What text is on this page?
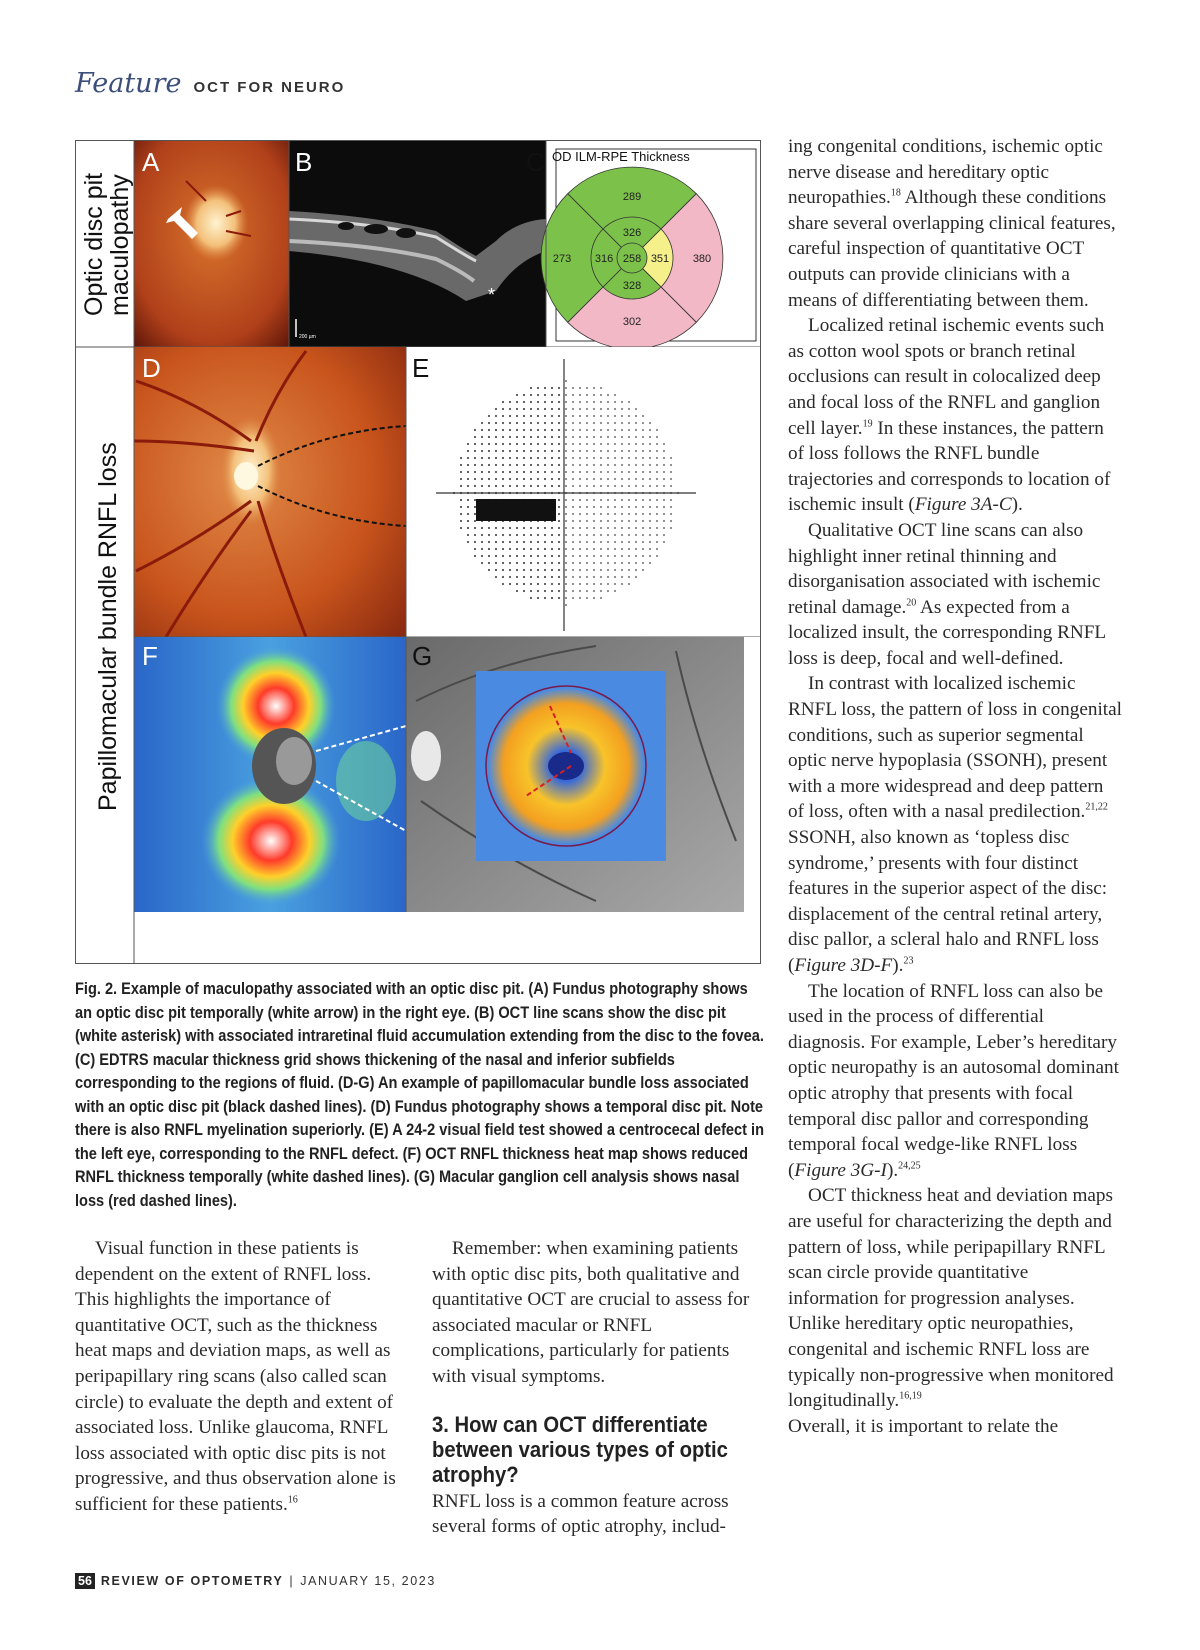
Feature OCT FOR NEURO
Optic disc pit
maculopathy
Papillomacular bundle RNFL loss
A
*
200 µm
B	C OD ILM-RPE Thickness
289
273	380
302
326
316 258 351
328
D	E
F	G

Fig. 2. Example of maculopathy associated with an optic disc pit. (A) Fundus photography shows an optic disc pit temporally (white arrow) in the right eye. (B) OCT line scans show the disc pit (white asterisk) with associated intraretinal fluid accumulation extending from the disc to the fovea. (C) EDTRS macular thickness grid shows thickening of the nasal and inferior subfields corresponding to the regions of fluid. (D-G) An example of papillomacular bundle loss associated with an optic disc pit (black dashed lines). (D) Fundus photography shows a temporal disc pit. Note there is also RNFL myelination superiorly. (E) A 24-2 visual field test showed a centrocecal defect in the left eye, corresponding to the RNFL defect. (F) OCT RNFL thickness heat map shows reduced RNFL thickness temporally (white dashed lines). (G) Macular ganglion cell analysis shows nasal loss (red dashed lines).

Visual function in these patients is dependent on the extent of RNFL loss. This highlights the importance of quantitative OCT, such as the thickness heat maps and deviation maps, as well as peripapillary ring scans (also called scan circle) to evaluate the depth and extent of associated loss. Unlike glaucoma, RNFL loss associated with optic disc pits is not progressive, and thus observation alone is sufficient for these patients.$^{16}$

Remember: when examining patients with optic disc pits, both qualitative and quantitative OCT are crucial to assess for associated macular or RNFL complications, particularly for patients with visual symptoms.

3. How can OCT differentiate between various types of optic atrophy?

RNFL loss is a common feature across several forms of optic atrophy, includ-

ing congenital conditions, ischemic optic nerve disease and hereditary optic neuropathies.$^{18}$ Although these conditions share several overlapping clinical features, careful inspection of quantitative OCT outputs can provide clinicians with a means of differentiating between them.

Localized retinal ischemic events such as cotton wool spots or branch retinal occlusions can result in colocalized deep and focal loss of the RNFL and ganglion cell layer.$^{19}$ In these instances, the pattern of loss follows the RNFL bundle trajectories and corresponds to location of ischemic insult (Figure 3A-C).

Qualitative OCT line scans can also highlight inner retinal thinning and disorganisation associated with ischemic retinal damage.$^{20}$ As expected from a localized insult, the corresponding RNFL loss is deep, focal and well-defined.

In contrast with localized ischemic RNFL loss, the pattern of loss in congenital conditions, such as superior segmental optic nerve hypoplasia (SSONH), present with a more widespread and deep pattern of loss, often with a nasal predilection.$^{21,22}$ SSONH, also known as ‘topless disc syndrome,’ presents with four distinct features in the superior aspect of the disc: displacement of the central retinal artery, disc pallor, a scleral halo and RNFL loss (Figure 3D-F).$^{23}$

The location of RNFL loss can also be used in the process of differential diagnosis. For example, Leber’s hereditary optic neuropathy is an autosomal dominant optic atrophy that presents with focal temporal disc pallor and corresponding temporal focal wedge-like RNFL loss (Figure 3G-I).$^{24,25}$

OCT thickness heat and deviation maps are useful for characterizing the depth and pattern of loss, while peripapillary RNFL scan circle provide quantitative information for progression analyses. Unlike hereditary optic neuropathies, congenital and ischemic RNFL loss are typically non-progressive when monitored longitudinally.$^{16,19}$

Overall, it is important to relate the

56 REVIEW OF OPTOMETRY | JANUARY 15, 2023
